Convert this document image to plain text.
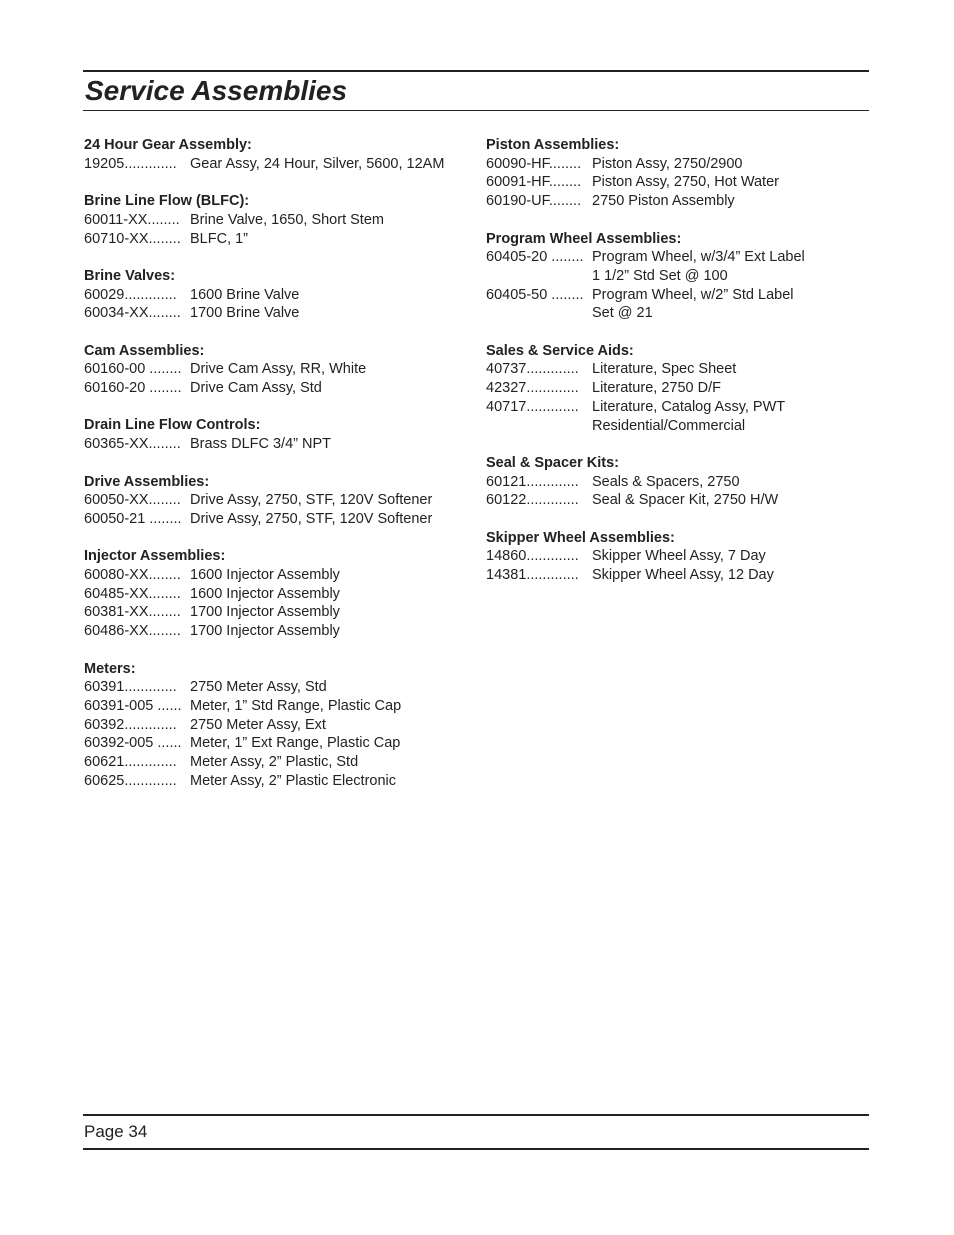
Service Assemblies
24 Hour Gear Assembly:
19205............. Gear Assy, 24 Hour, Silver, 5600, 12AM
Brine Line Flow (BLFC):
60011-XX........ Brine Valve, 1650, Short Stem
60710-XX........ BLFC, 1”
Brine Valves:
60029............. 1600 Brine Valve
60034-XX........ 1700 Brine Valve
Cam Assemblies:
60160-00 ........ Drive Cam Assy, RR, White
60160-20 ........ Drive Cam Assy, Std
Drain Line Flow Controls:
60365-XX........ Brass DLFC 3/4” NPT
Drive Assemblies:
60050-XX........ Drive Assy, 2750, STF, 120V Softener
60050-21 ........ Drive Assy, 2750, STF, 120V Softener
Injector Assemblies:
60080-XX........ 1600 Injector Assembly
60485-XX........ 1600 Injector Assembly
60381-XX........ 1700 Injector Assembly
60486-XX........ 1700 Injector Assembly
Meters:
60391............. 2750 Meter Assy, Std
60391-005 ...... Meter, 1” Std Range, Plastic Cap
60392............. 2750 Meter Assy, Ext
60392-005 ...... Meter, 1” Ext Range, Plastic Cap
60621............. Meter Assy, 2” Plastic, Std
60625............. Meter Assy, 2” Plastic Electronic
Piston Assemblies:
60090-HF........ Piston Assy, 2750/2900
60091-HF........ Piston Assy, 2750, Hot Water
60190-UF........ 2750 Piston Assembly
Program Wheel Assemblies:
60405-20 ........ Program Wheel, w/3/4” Ext Label
1 1/2” Std Set @ 100
60405-50 ........ Program Wheel, w/2” Std Label
Set @ 21
Sales & Service Aids:
40737............. Literature, Spec Sheet
42327............. Literature, 2750 D/F
40717............. Literature, Catalog Assy, PWT
Residential/Commercial
Seal & Spacer Kits:
60121............. Seals & Spacers, 2750
60122............. Seal & Spacer Kit, 2750 H/W
Skipper Wheel Assemblies:
14860............. Skipper Wheel Assy, 7 Day
14381............. Skipper Wheel Assy, 12 Day
Page 34
